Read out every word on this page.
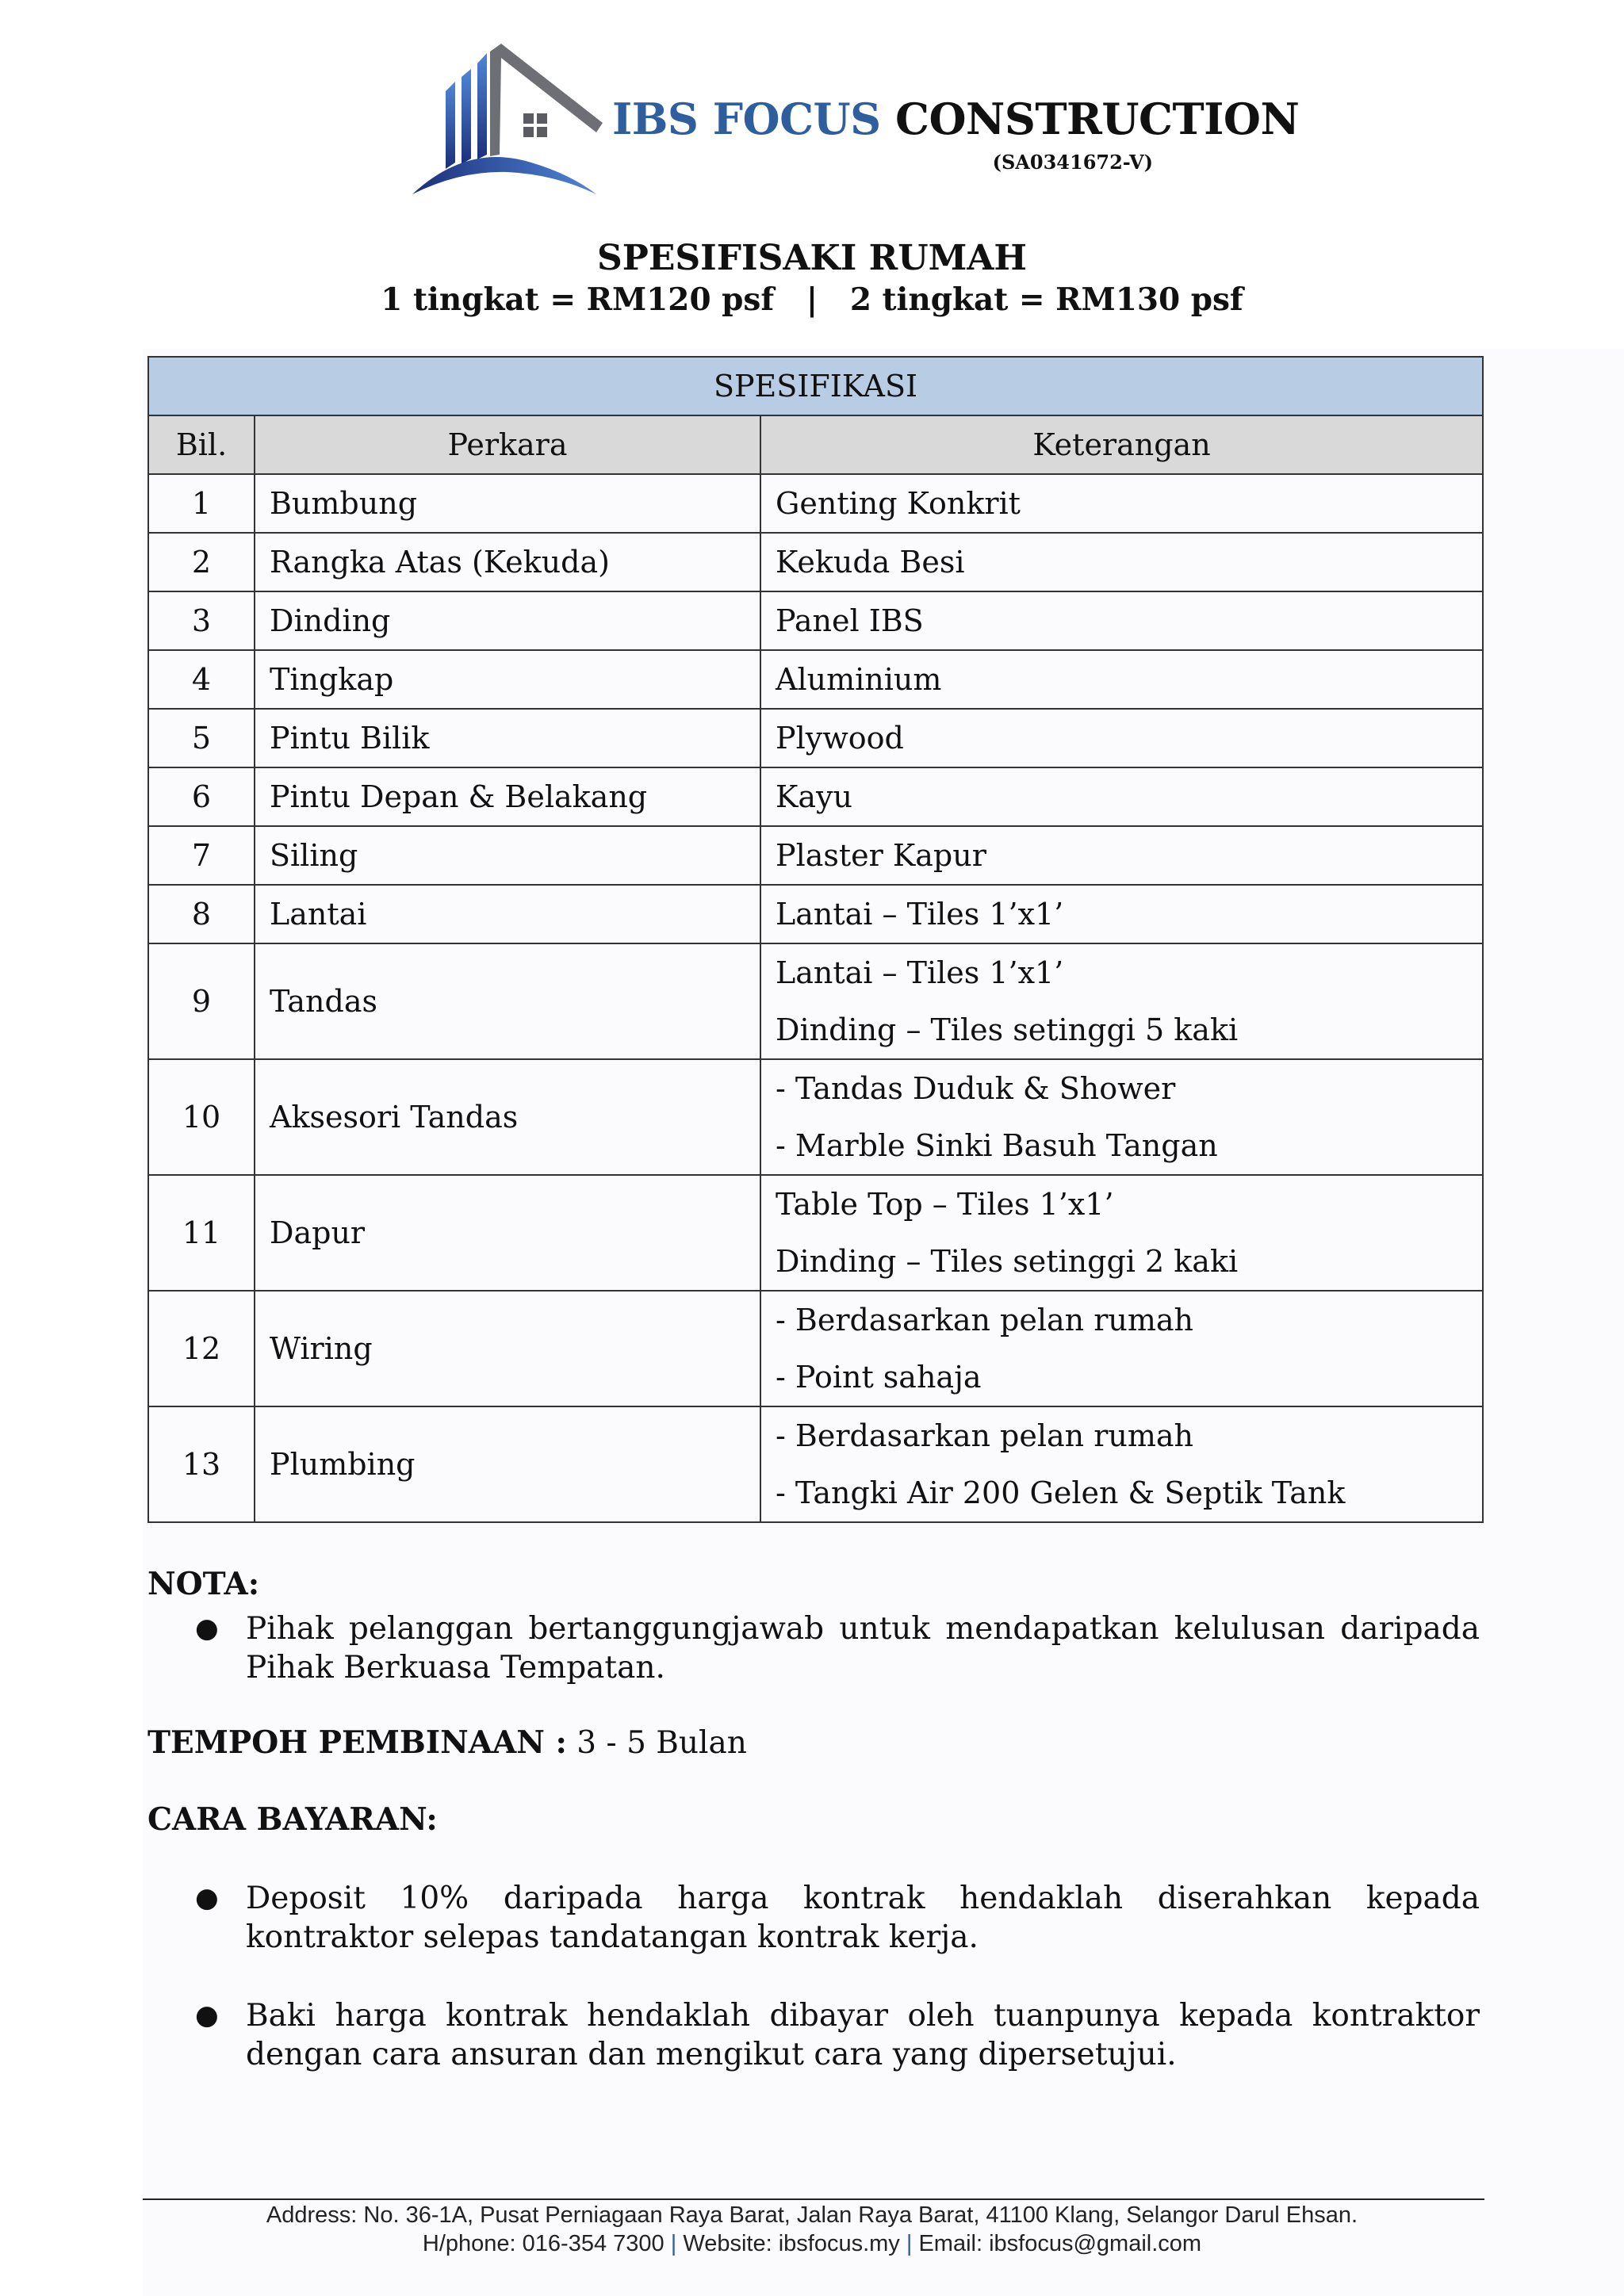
IBS FOCUS CONSTRUCTION
(SA0341672-V)
SPESIFISAKI RUMAH
1 tingkat = RM120 psf   |   2 tingkat = RM130 psf
SPESIFIKASI		
Bil.	Perkara	Keterangan
1	Bumbung	Genting Konkrit

2	Rangka Atas (Kekuda)	Kekuda Besi

3	Dinding	Panel IBS

4	Tingkap	Aluminium

5	Pintu Bilik	Plywood

6	Pintu Depan & Belakang	Kayu

7	Siling	Plaster Kapur

8	Lantai	Lantai – Tiles 1’x1’

9	Tandas	Lantai – Tiles 1’x1’
Dinding – Tiles setinggi 5 kaki

10	Aksesori Tandas	- Tandas Duduk & Shower
- Marble Sinki Basuh Tangan

11	Dapur	Table Top – Tiles 1’x1’
Dinding – Tiles setinggi 2 kaki

12	Wiring	- Berdasarkan pelan rumah
- Point sahaja

13	Plumbing	- Berdasarkan pelan rumah
- Tangki Air 200 Gelen & Septik Tank
NOTA:
● Pihak pelanggan bertanggungjawab untuk mendapatkan kelulusan daripada Pihak Berkuasa Tempatan.
TEMPOH PEMBINAAN : 3 - 5 Bulan
CARA BAYARAN:
● Deposit 10% daripada harga kontrak hendaklah diserahkan kepada kontraktor selepas tandatangan kontrak kerja.
● Baki harga kontrak hendaklah dibayar oleh tuanpunya kepada kontraktor dengan cara ansuran dan mengikut cara yang dipersetujui.
Address: No. 36-1A, Pusat Perniagaan Raya Barat, Jalan Raya Barat, 41100 Klang, Selangor Darul Ehsan.
H/phone: 016-354 7300 | Website: ibsfocus.my | Email: ibsfocus@gmail.com
